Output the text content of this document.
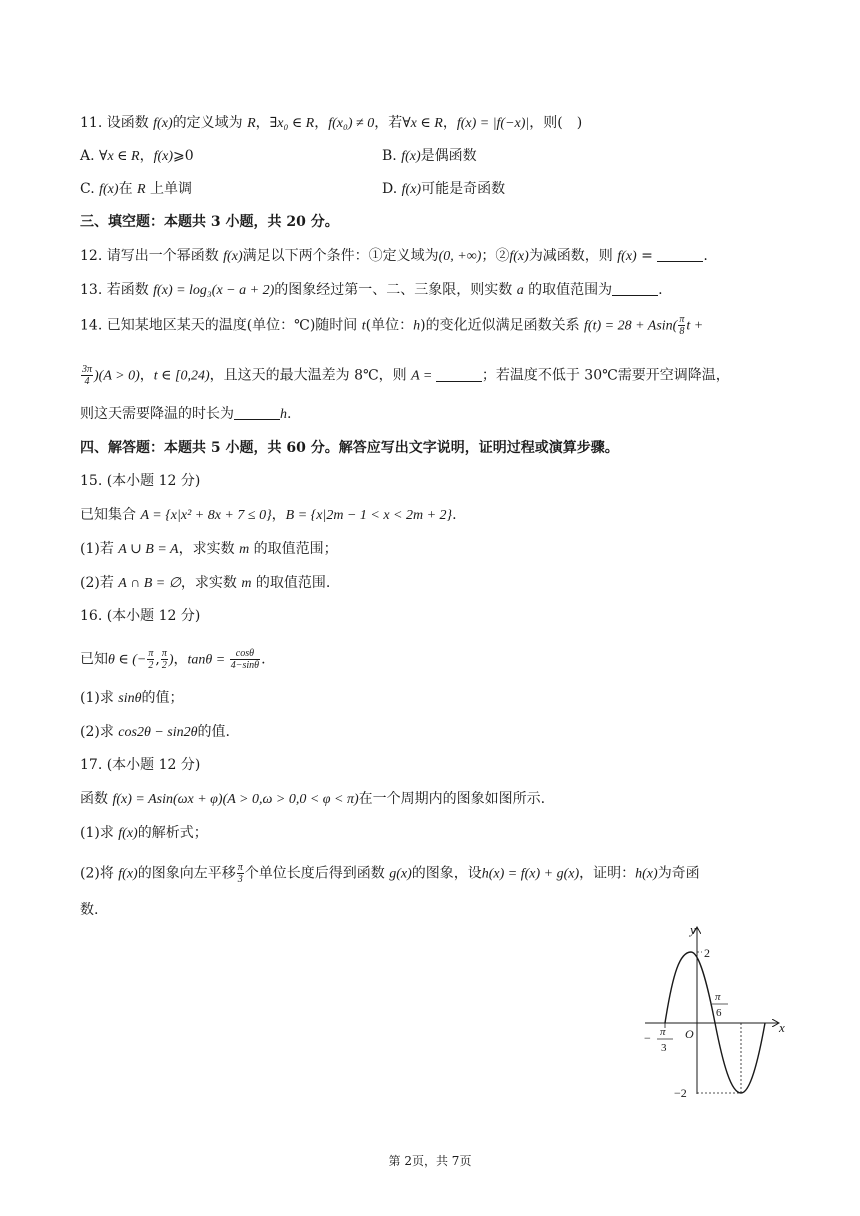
11. 设函数 f(x)的定义域为 R，∃x₀ ∈ R，f(x₀) ≠ 0，若∀x ∈ R，f(x) = |f(−x)|，则(　)
A. ∀x ∈ R，f(x)⩾0	B. f(x)是偶函数
C. f(x)在 R 上单调	D. f(x)可能是奇函数
三、填空题：本题共 3 小题，共 20 分。
12. 请写出一个幂函数 f(x)满足以下两个条件：①定义域为(0, +∞)；②f(x)为减函数，则 f(x) =	.
13. 若函数 f(x) = log₃(x − a + 2)的图象经过第一、二、三象限，则实数 a 的取值范围为	.
14. 已知某地区某天的温度(单位：℃)随时间 t(单位：h)的变化近似满足函数关系 $f(t) = 28 + Asin( \frac{\pi}{8}$ t +
$\frac{3\pi}{4} )(A > 0)$，t ∈ [0,24)，且这天的最大温差为 8℃，则 A =	；若温度不低于 30℃需要开空调降温，
则这天需要降温的时长为	h.
四、解答题：本题共 5 小题，共 60 分。解答应写出文字说明，证明过程或演算步骤。
15. (本小题 12 分)
已知集合 A = {x|x² + 8x + 7 ≤ 0}，B = {x|2m − 1 < x < 2m + 2}.
(1)若 A ∪ B = A，求实数 m 的取值范围；
(2)若 A ∩ B = ∅，求实数 m 的取值范围.
16. (本小题 12 分)
已知θ ∈ (− $\frac{\pi}{2}$ , $\frac{\pi}{2}$ )，$\tan\theta = \frac{\cos\theta}{4-\sin\theta}$ .
(1)求 sinθ的值；
(2)求 cos2θ − sin2θ的值.
17. (本小题 12 分)
函数 f(x) = Asin(ωx + φ)(A > 0,ω > 0,0 < φ < π)在一个周期内的图象如图所示.
(1)求 f(x)的解析式；
(2)将 f(x)的图象向左平移 $\frac{\pi}{3}$ 个单位长度后得到函数 g(x)的图象，设h(x) = f(x) + g(x)，证明：h(x)为奇函
数.
y
x
O
2
−2
− π
3
π
6
第 2页，共 7页
